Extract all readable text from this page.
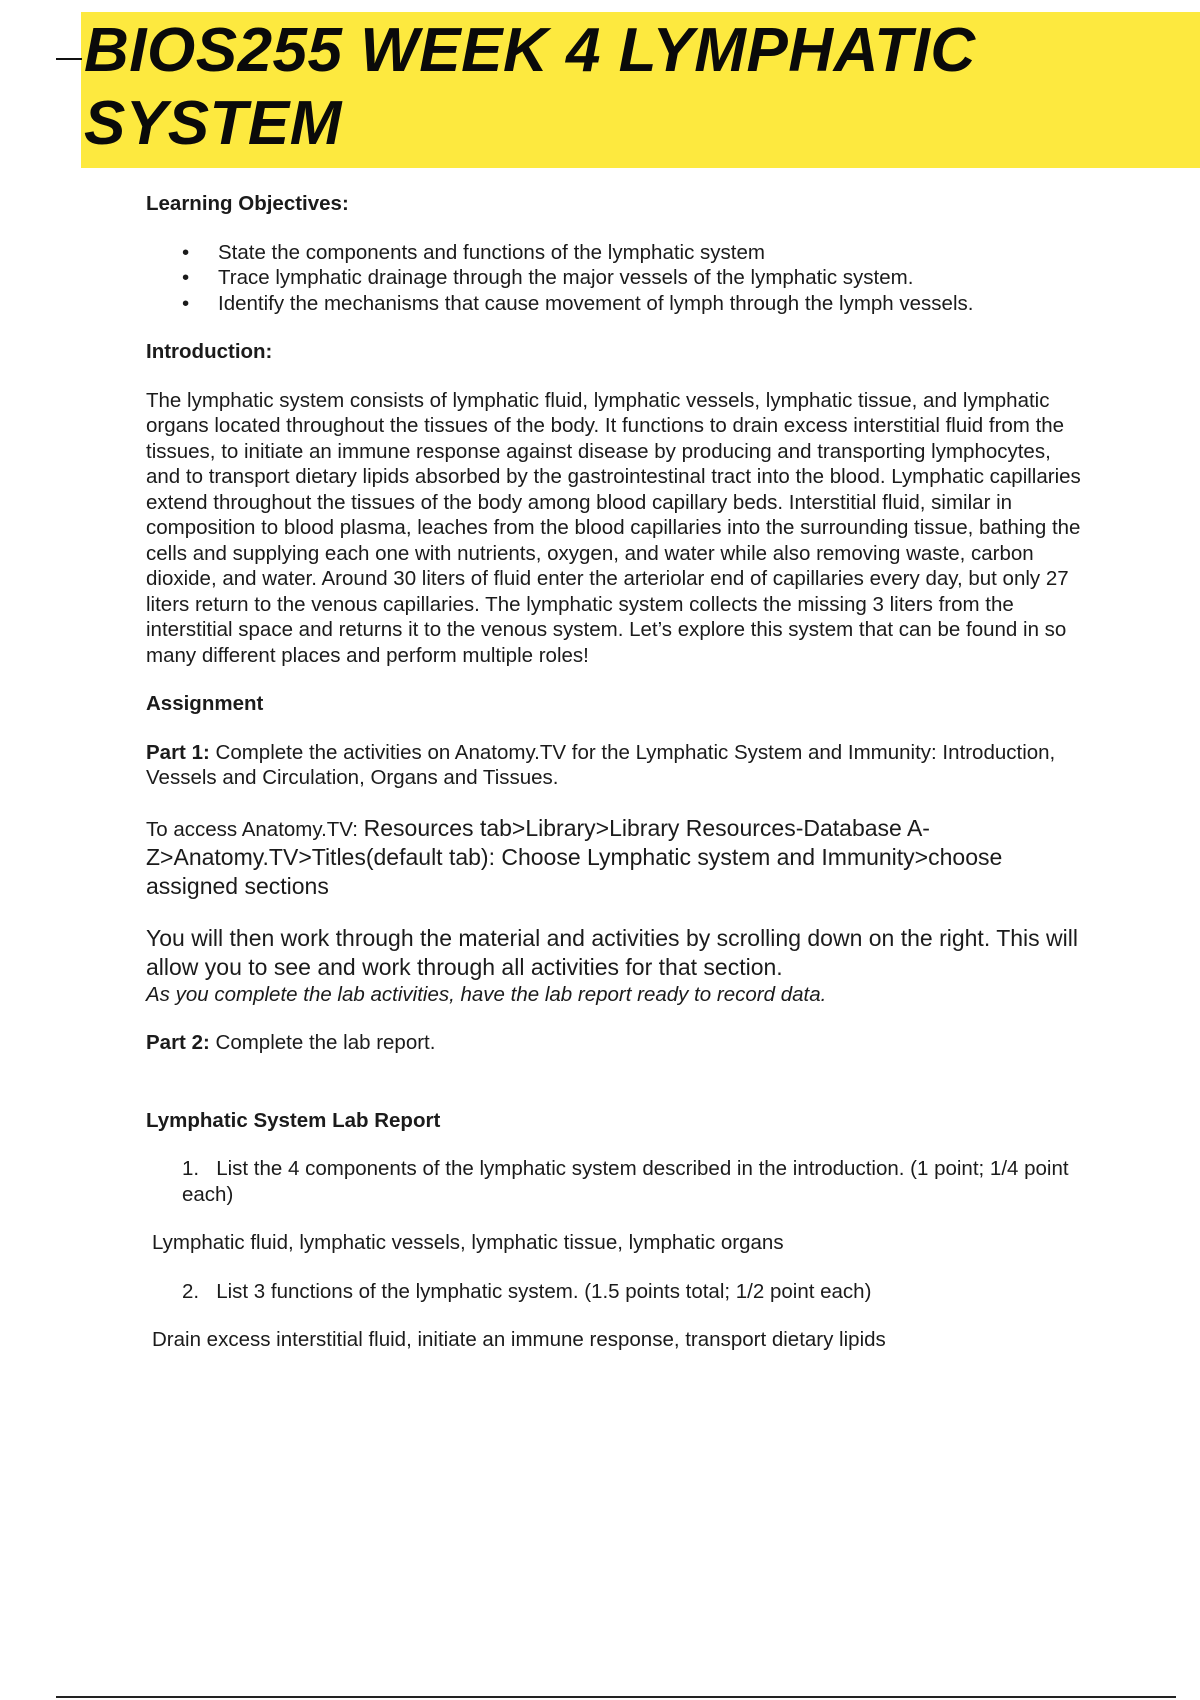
BIOS255 WEEK 4 LYMPHATIC SYSTEM
Learning Objectives:
• State the components and functions of the lymphatic system
• Trace lymphatic drainage through the major vessels of the lymphatic system.
• Identify the mechanisms that cause movement of lymph through the lymph vessels.
Introduction:

The lymphatic system consists of lymphatic fluid, lymphatic vessels, lymphatic tissue, and lymphatic organs located throughout the tissues of the body. It functions to drain excess interstitial fluid from the tissues, to initiate an immune response against disease by producing and transporting lymphocytes, and to transport dietary lipids absorbed by the gastrointestinal tract into the blood. Lymphatic capillaries extend throughout the tissues of the body among blood capillary beds. Interstitial fluid, similar in composition to blood plasma, leaches from the blood capillaries into the surrounding tissue, bathing the cells and supplying each one with nutrients, oxygen, and water while also removing waste, carbon dioxide, and water. Around 30 liters of fluid enter the arteriolar end of capillaries every day, but only 27 liters return to the venous capillaries. The lymphatic system collects the missing 3 liters from the interstitial space and returns it to the venous system. Let’s explore this system that can be found in so many different places and perform multiple roles!

Assignment

Part 1: Complete the activities on Anatomy.TV for the Lymphatic System and Immunity: Introduction, Vessels and Circulation, Organs and Tissues.

To access Anatomy.TV: Resources tab>Library>Library Resources-Database A-Z>Anatomy.TV>Titles(default tab): Choose Lymphatic system and Immunity>choose assigned sections

You will then work through the material and activities by scrolling down on the right. This will allow you to see and work through all activities for that section.

As you complete the lab activities, have the lab report ready to record data.

Part 2: Complete the lab report.

Lymphatic System Lab Report

1. List the 4 components of the lymphatic system described in the introduction. (1 point; 1/4 point each)

Lymphatic fluid, lymphatic vessels, lymphatic tissue, lymphatic organs

2. List 3 functions of the lymphatic system. (1.5 points total; 1/2 point each)

Drain excess interstitial fluid, initiate an immune response, transport dietary lipids
